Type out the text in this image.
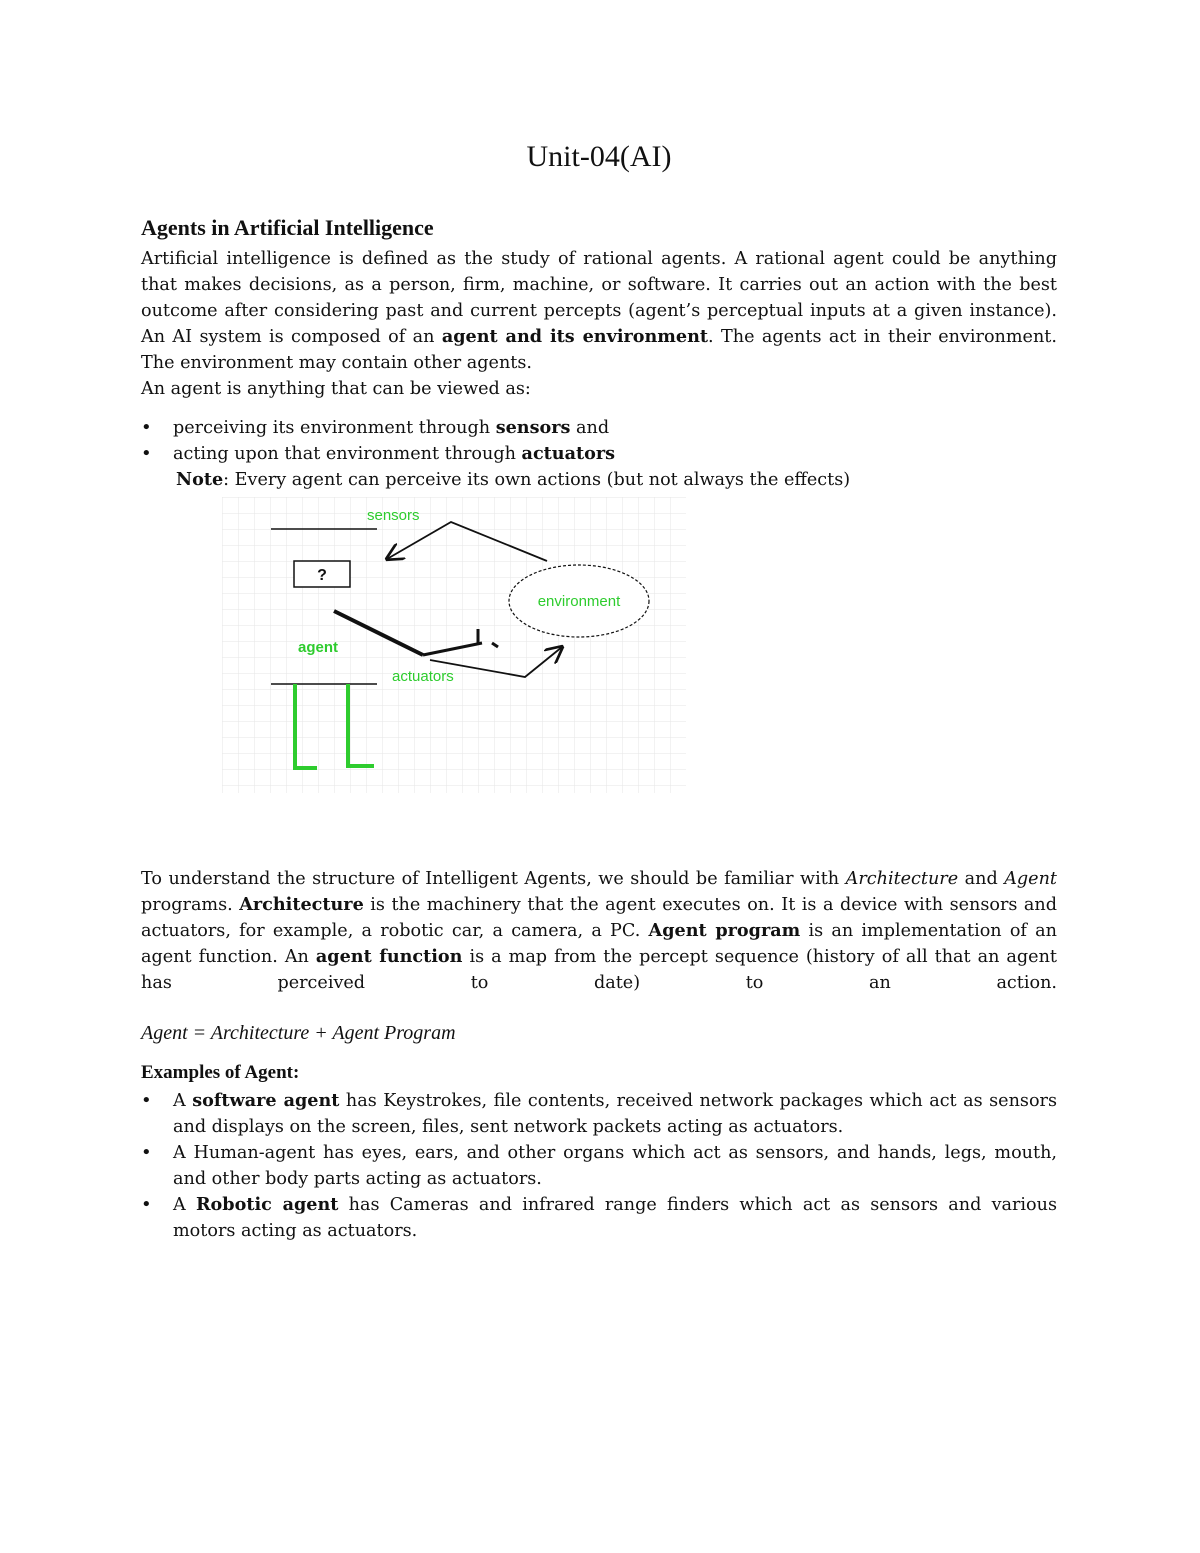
Unit-04(AI)
Agents in Artificial Intelligence

Artificial intelligence is defined as the study of rational agents. A rational agent could be anything that makes decisions, as a person, firm, machine, or software. It carries out an action with the best outcome after considering past and current percepts (agent’s perceptual inputs at a given instance). An AI system is composed of an agent and its environment. The agents act in their environment. The environment may contain other agents.

An agent is anything that can be viewed as:

• perceiving its environment through sensors and
• acting upon that environment through actuators

Note: Every agent can perceive its own actions (but not always the effects)

To understand the structure of Intelligent Agents, we should be familiar with Architecture and Agent programs. Architecture is the machinery that the agent executes on. It is a device with sensors and actuators, for example, a robotic car, a camera, a PC. Agent program is an implementation of an agent function. An agent function is a map from the percept sequence (history of all that an agent has perceived to date) to an action.

Agent = Architecture + Agent Program

Examples of Agent:

• A software agent has Keystrokes, file contents, received network packages which act as sensors and displays on the screen, files, sent network packets acting as actuators.
• A Human-agent has eyes, ears, and other organs which act as sensors, and hands, legs, mouth, and other body parts acting as actuators.
• A Robotic agent has Cameras and infrared range finders which act as sensors and various motors acting as actuators.
?
sensors
agent
actuators
environment
